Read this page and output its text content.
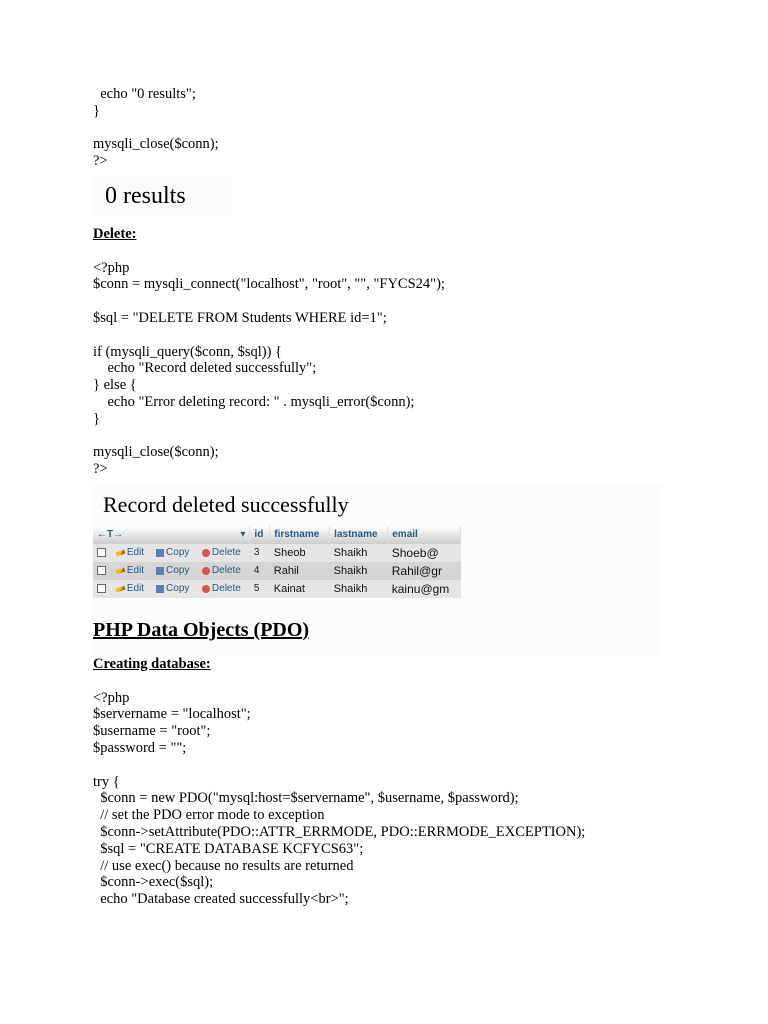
echo "0 results";
}
mysqli_close($conn);
?>
0 results
Delete:
<?php
$conn = mysqli_connect("localhost", "root", "", "FYCS24");
$sql = "DELETE FROM Students WHERE id=1";
if (mysqli_query($conn, $sql)) {
echo "Record deleted successfully";
} else {
echo "Error deleting record: " . mysqli_error($conn);
}
mysqli_close($conn);
?>
Record deleted successfully
←T→ ▾				id	firstname	lastname	email
	Edit	Copy	Delete	3	Sheob	Shaikh	Shoeb@
	Edit	Copy	Delete	4	Rahil	Shaikh	Rahil@gr
	Edit	Copy	Delete	5	Kainat	Shaikh	kainu@gm
PHP Data Objects (PDO)
Creating database:
<?php
$servername = "localhost";
$username = "root";
$password = "";
try {
$conn = new PDO("mysql:host=$servername", $username, $password);
// set the PDO error mode to exception
$conn->setAttribute(PDO::ATTR_ERRMODE, PDO::ERRMODE_EXCEPTION);
$sql = "CREATE DATABASE KCFYCS63";
// use exec() because no results are returned
$conn->exec($sql);
echo "Database created successfully<br>";
